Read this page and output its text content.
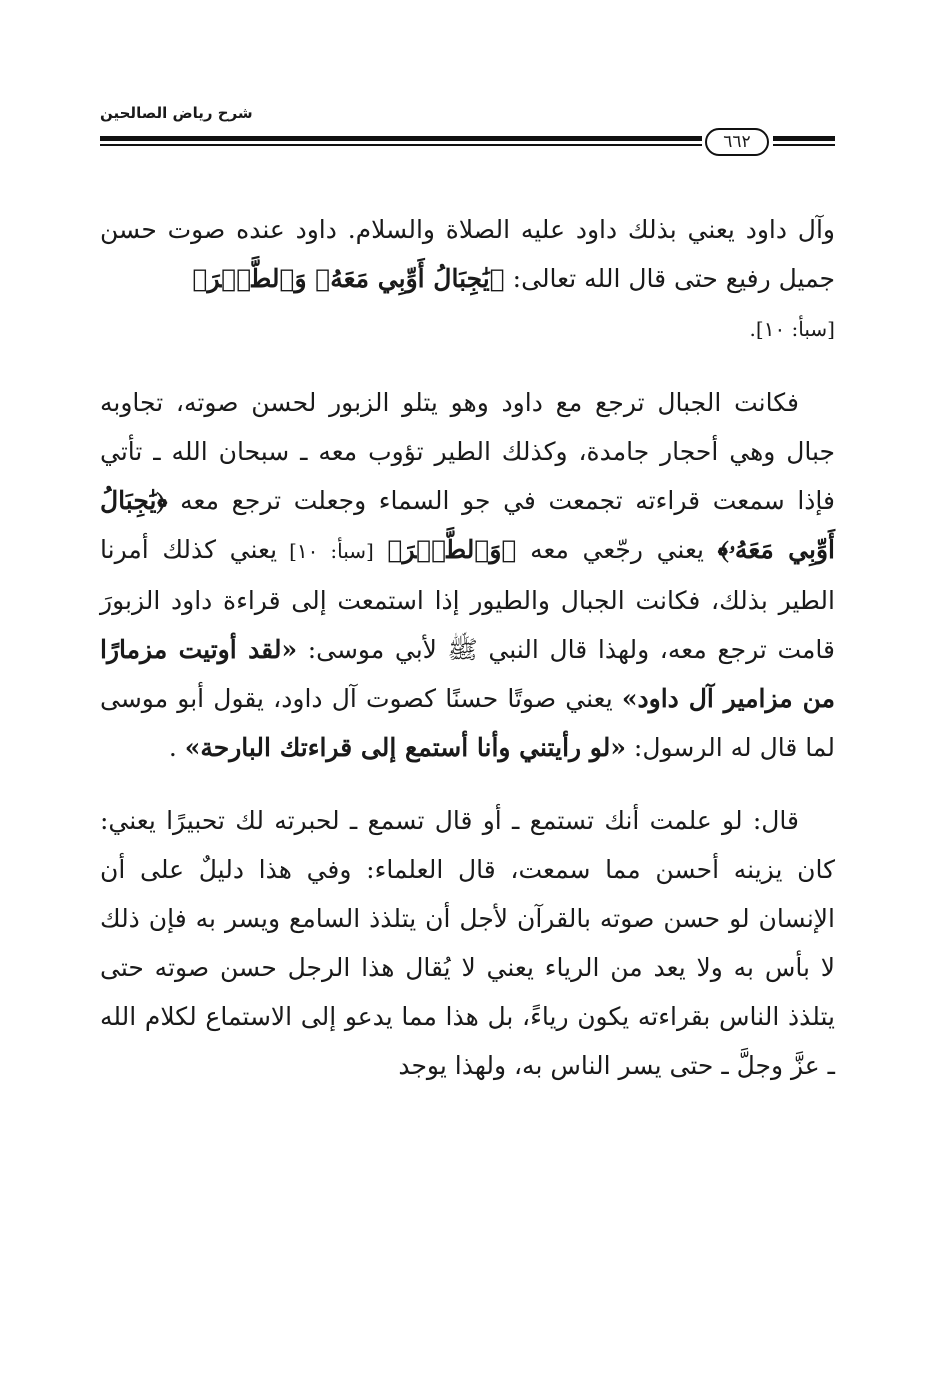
شرح رياض الصالحين
٦٦٢

وآل داود يعني بذلك داود عليه الصلاة والسلام. داود عنده صوت حسن جميل رفيع حتى قال الله تعالى: ﴿يَٰجِبَالُ أَوِّبِي مَعَهُۥ وَٱلطَّيۡرَ﴾
[سبأ: ١٠].

فكانت الجبال ترجع مع داود وهو يتلو الزبور لحسن صوته، تجاوبه جبال وهي أحجار جامدة، وكذلك الطير تؤوب معه ـ سبحان الله ـ تأتي فإذا سمعت قراءته تجمعت في جو السماء وجعلت ترجع معه ﴿يَٰجِبَالُ أَوِّبِي مَعَهُۥ﴾ يعني رجّعي معه ﴿وَٱلطَّيۡرَ﴾ [سبأ: ١٠] يعني كذلك أمرنا الطير بذلك، فكانت الجبال والطيور إذا استمعت إلى قراءة داود الزبورَ قامت ترجع معه، ولهذا قال النبي ﷺ لأبي موسى: «لقد أوتيت مزمارًا من مزامير آل داود» يعني صوتًا حسنًا كصوت آل داود، يقول أبو موسى لما قال له الرسول: «لو رأيتني وأنا أستمع إلى قراءتك البارحة» .

قال: لو علمت أنك تستمع ـ أو قال تسمع ـ لحبرته لك تحبيرًا يعني: كان يزينه أحسن مما سمعت، قال العلماء: وفي هذا دليلٌ على أن الإنسان لو حسن صوته بالقرآن لأجل أن يتلذذ السامع ويسر به فإن ذلك لا بأس به ولا يعد من الرياء يعني لا يُقال هذا الرجل حسن صوته حتى يتلذذ الناس بقراءته يكون رياءً، بل هذا مما يدعو إلى الاستماع لكلام الله ـ عزَّ وجلَّ ـ حتى يسر الناس به، ولهذا يوجد
